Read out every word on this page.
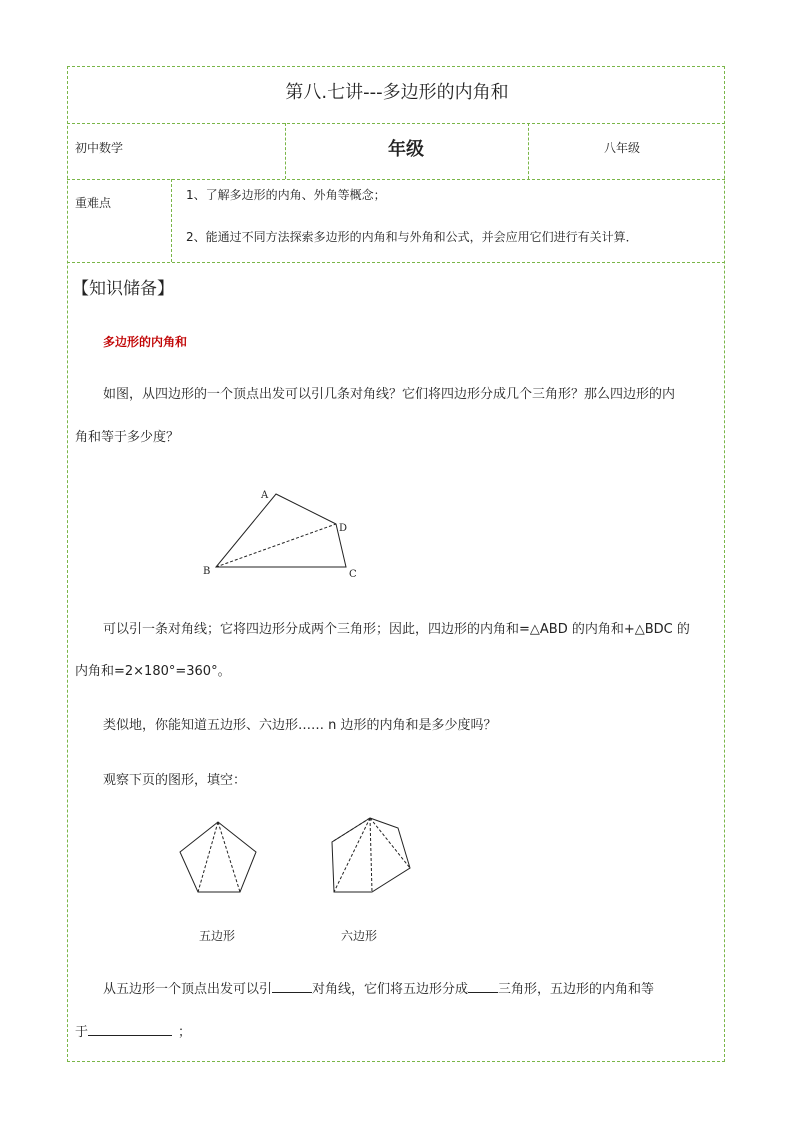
第八.七讲---多边形的内角和
初中数学	年级	八年级
重难点
1、了解多边形的内角、外角等概念；
2、能通过不同方法探索多边形的内角和与外角和公式，并会应用它们进行有关计算．
【知识储备】
多边形的内角和
如图，从四边形的一个顶点出发可以引几条对角线？它们将四边形分成几个三角形？那么四边形的内
角和等于多少度？
A
B	C
D
可以引一条对角线；它将四边形分成两个三角形；因此，四边形的内角和=△ABD 的内角和+△BDC 的
内角和=2×180°=360°。
类似地，你能知道五边形、六边形…… n 边形的内角和是多少度吗？
观察下页的图形，填空：
五边形	六边形
从五边形一个顶点出发可以引	对角线，它们将五边形分成 三角形，五边形的内角和等
于	；
